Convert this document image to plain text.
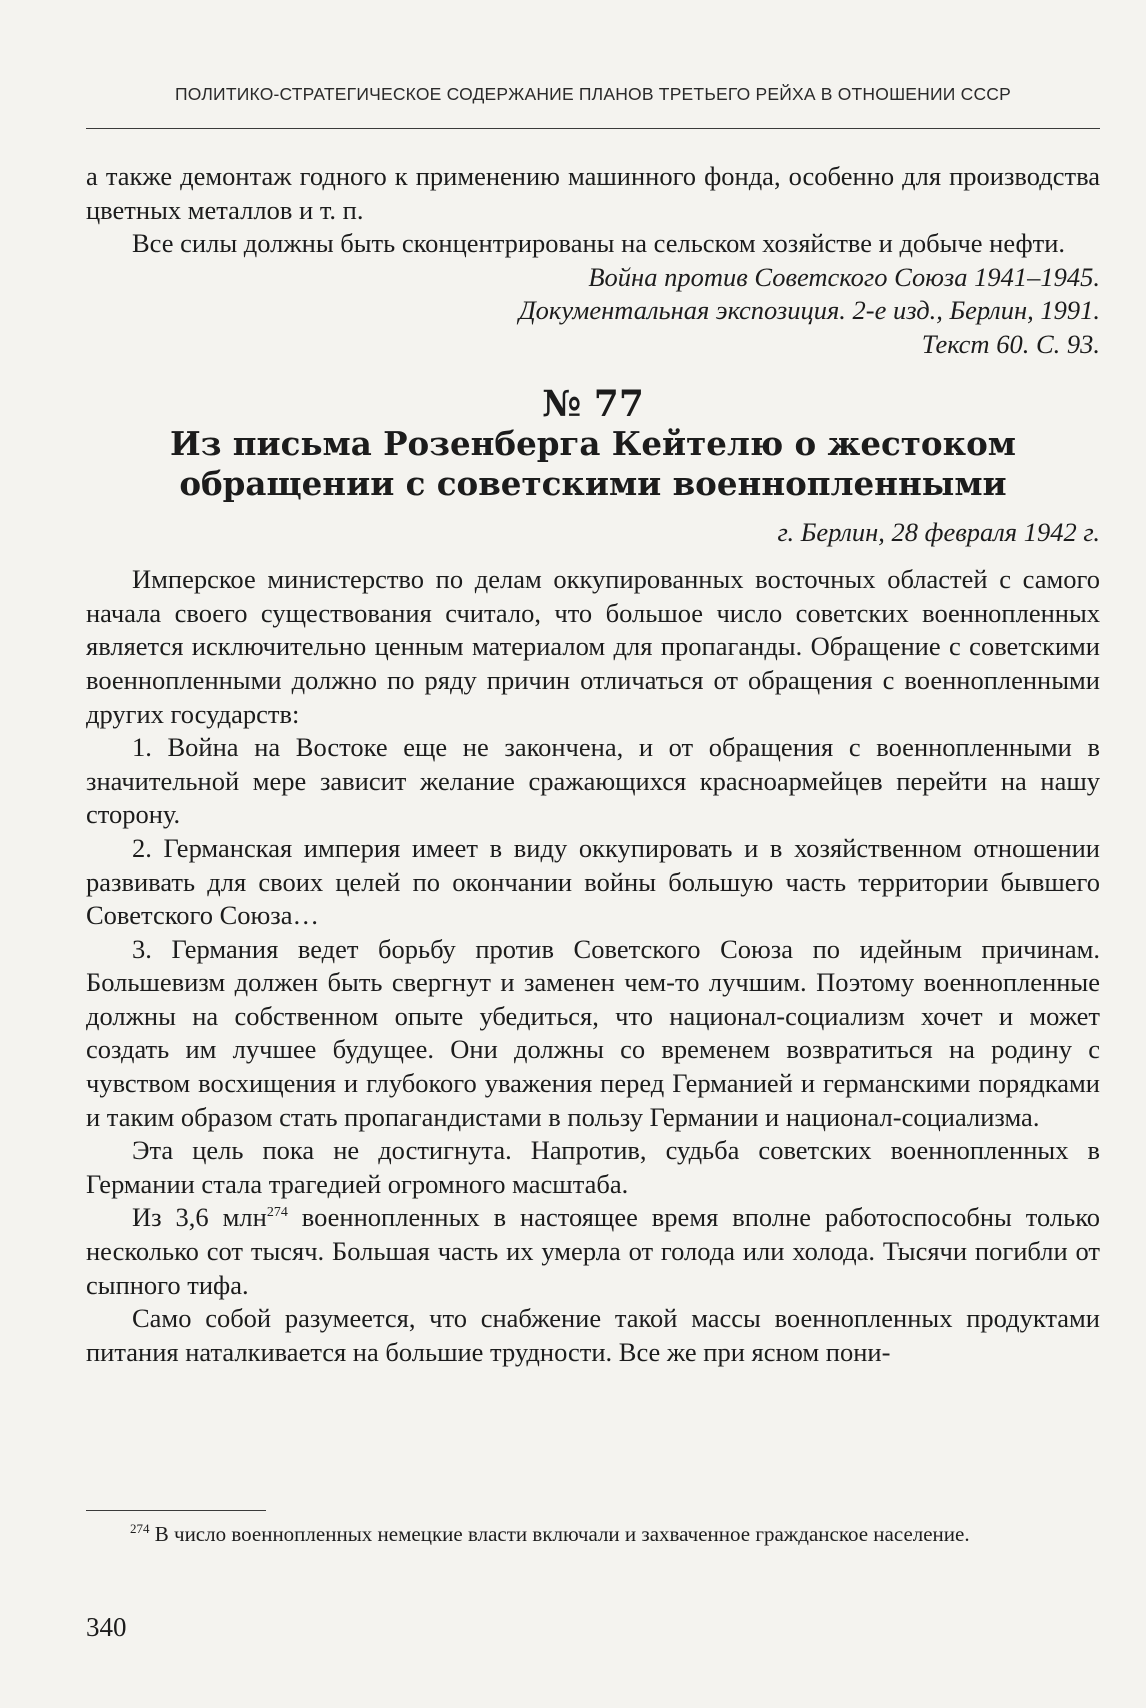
ПОЛИТИКО-СТРАТЕГИЧЕСКОЕ СОДЕРЖАНИЕ ПЛАНОВ ТРЕТЬЕГО РЕЙХА В ОТНОШЕНИИ СССР

а также демонтаж годного к применению машинного фонда, особенно для производства цветных металлов и т. п.

Все силы должны быть сконцентрированы на сельском хозяйстве и добыче нефти.

Война против Советского Союза 1941–1945.
Документальная экспозиция. 2-е изд., Берлин, 1991.
Текст 60. С. 93.

№ 77

Из письма Розенберга Кейтелю о жестоком обращении с советскими военнопленными

г. Берлин, 28 февраля 1942 г.

Имперское министерство по делам оккупированных восточных областей с самого начала своего существования считало, что большое число советских военнопленных является исключительно ценным материалом для пропаганды. Обращение с советскими военнопленными должно по ряду причин отличаться от обращения с военнопленными других государств:

1. Война на Востоке еще не закончена, и от обращения с военнопленными в значительной мере зависит желание сражающихся красноармейцев перейти на нашу сторону.

2. Германская империя имеет в виду оккупировать и в хозяйственном отношении развивать для своих целей по окончании войны большую часть территории бывшего Советского Союза…

3. Германия ведет борьбу против Советского Союза по идейным причинам. Большевизм должен быть свергнут и заменен чем-то лучшим. Поэтому военнопленные должны на собственном опыте убедиться, что национал-социализм хочет и может создать им лучшее будущее. Они должны со временем возвратиться на родину с чувством восхищения и глубокого уважения перед Германией и германскими порядками и таким образом стать пропагандистами в пользу Германии и национал-социализма.

Эта цель пока не достигнута. Напротив, судьба советских военнопленных в Германии стала трагедией огромного масштаба.

Из 3,6 млн$^{274}$ военнопленных в настоящее время вполне работоспособны только несколько сот тысяч. Большая часть их умерла от голода или холода. Тысячи погибли от сыпного тифа.

Само собой разумеется, что снабжение такой массы военнопленных продуктами питания наталкивается на большие трудности. Все же при ясном пони-

$^{274}$ В число военнопленных немецкие власти включали и захваченное гражданское население.

340
